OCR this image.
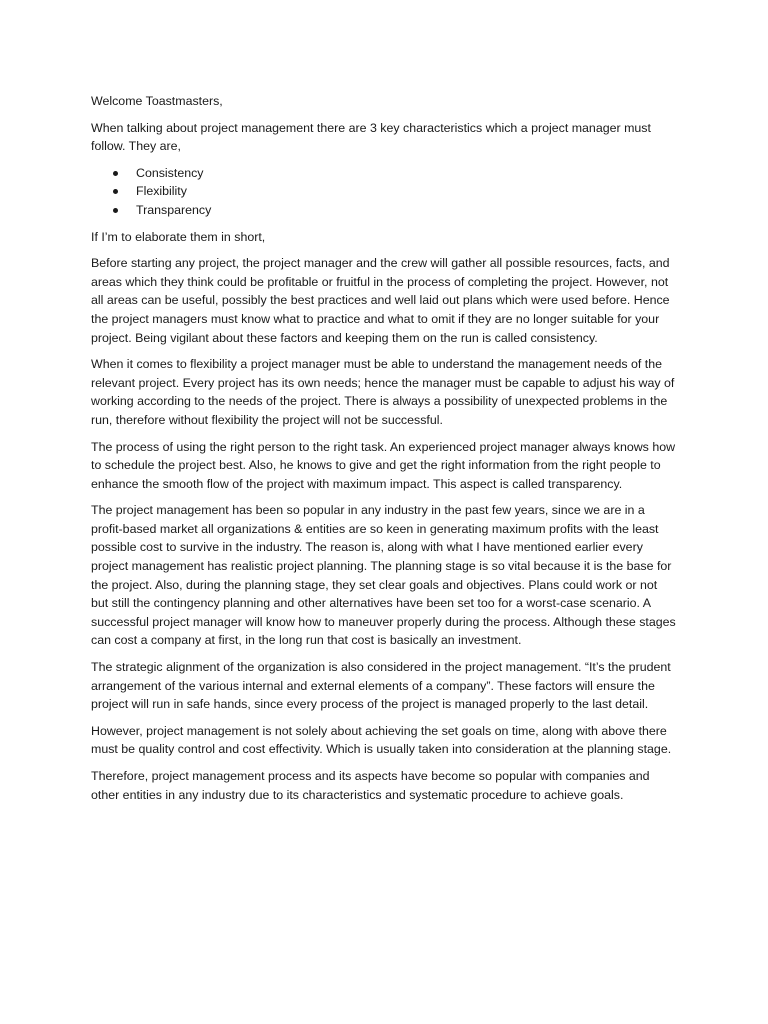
Welcome Toastmasters,

When talking about project management there are 3 key characteristics which a project manager must follow. They are,

Consistency
Flexibility
Transparency

If I’m to elaborate them in short,

Before starting any project, the project manager and the crew will gather all possible resources, facts, and areas which they think could be profitable or fruitful in the process of completing the project. However, not all areas can be useful, possibly the best practices and well laid out plans which were used before. Hence the project managers must know what to practice and what to omit if they are no longer suitable for your project. Being vigilant about these factors and keeping them on the run is called consistency.

When it comes to flexibility a project manager must be able to understand the management needs of the relevant project. Every project has its own needs; hence the manager must be capable to adjust his way of working according to the needs of the project. There is always a possibility of unexpected problems in the run, therefore without flexibility the project will not be successful.

The process of using the right person to the right task. An experienced project manager always knows how to schedule the project best. Also, he knows to give and get the right information from the right people to enhance the smooth flow of the project with maximum impact. This aspect is called transparency.

The project management has been so popular in any industry in the past few years, since we are in a profit-based market all organizations & entities are so keen in generating maximum profits with the least possible cost to survive in the industry. The reason is, along with what I have mentioned earlier every project management has realistic project planning. The planning stage is so vital because it is the base for the project. Also, during the planning stage, they set clear goals and objectives. Plans could work or not but still the contingency planning and other alternatives have been set too for a worst-case scenario. A successful project manager will know how to maneuver properly during the process. Although these stages can cost a company at first, in the long run that cost is basically an investment.

The strategic alignment of the organization is also considered in the project management. “It’s the prudent arrangement of the various internal and external elements of a company”. These factors will ensure the project will run in safe hands, since every process of the project is managed properly to the last detail.

However, project management is not solely about achieving the set goals on time, along with above there must be quality control and cost effectivity. Which is usually taken into consideration at the planning stage.

Therefore, project management process and its aspects have become so popular with companies and other entities in any industry due to its characteristics and systematic procedure to achieve goals.
